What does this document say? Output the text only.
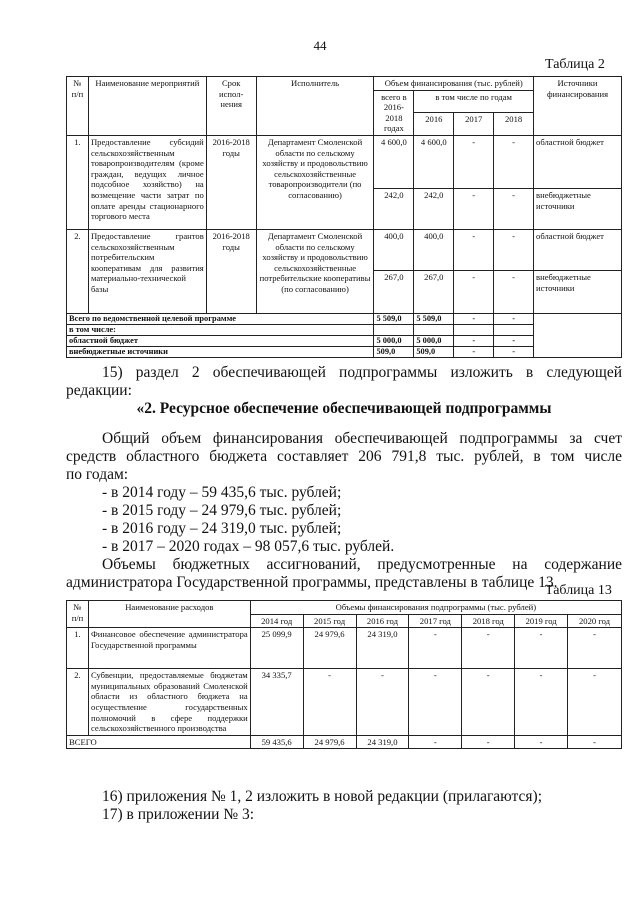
44
Таблица 2
№ п/п	Наименование мероприятий	Срок испол-нения	Исполнитель	Объем финансирования (тыс. рублей)				Источники финансирования
				всего в 2016-2018 годах	в том числе по годам			
					2016	2017	2018	
1.	Предоставление субсидий сельскохозяйственным товаропроизводителям (кроме граждан, ведущих личное подсобное хозяйство) на возмещение части затрат по оплате аренды стационарного торгового места	2016-2018 годы	Департамент Смоленской области по сельскому хозяйству и продовольствию сельскохозяйственные товаропроизводители (по согласованию)	4 600,0	4 600,0	-	-	областной бюджет
				242,0	242,0	-	-	внебюджетные источники
2.	Предоставление грантов сельскохозяйственным потребительским кооперативам для развития материально-технической базы	2016-2018 годы	Департамент Смоленской области по сельскому хозяйству и продовольствию сельскохозяйственные потребительские кооперативы (по согласованию)	400,0	400,0	-	-	областной бюджет
				267,0	267,0	-	-	внебюджетные источники
Всего по ведомственной целевой программе				5 509,0	5 509,0	-	-	
в том числе:								
областной бюджет				5 000,0	5 000,0	-	-	
внебюджетные источники				509,0	509,0	-	-	
15) раздел 2 обеспечивающей подпрограммы изложить в следующей
редакции:
«2. Ресурсное обеспечение обеспечивающей подпрограммы
Общий объем финансирования обеспечивающей подпрограммы за счет
средств областного бюджета составляет 206 791,8 тыс. рублей, в том числе
по годам:
- в 2014 году – 59 435,6 тыс. рублей;
- в 2015 году – 24 979,6 тыс. рублей;
- в 2016 году – 24 319,0 тыс. рублей;
- в 2017 – 2020 годах – 98 057,6 тыс. рублей.
Объемы бюджетных ассигнований, предусмотренные на содержание
администратора Государственной программы, представлены в таблице 13.
Таблица 13
№ п/п	Наименование расходов	Объемы финансирования подпрограммы (тыс. рублей)						
		2014 год	2015 год	2016 год	2017 год	2018 год	2019 год	2020 год
1.	Финансовое обеспечение администратора Государственной программы	25 099,9	24 979,6	24 319,0	-	-	-	-
2.	Субвенции, предоставляемые бюджетам муниципальных образований Смоленской области из областного бюджета на осуществление государственных полномочий в сфере поддержки сельскохозяйственного производства	34 335,7	-	-	-	-	-	-
ВСЕГО		59 435,6	24 979,6	24 319,0	-	-	-	-
16) приложения № 1, 2 изложить в новой редакции (прилагаются);
17) в приложении № 3:
